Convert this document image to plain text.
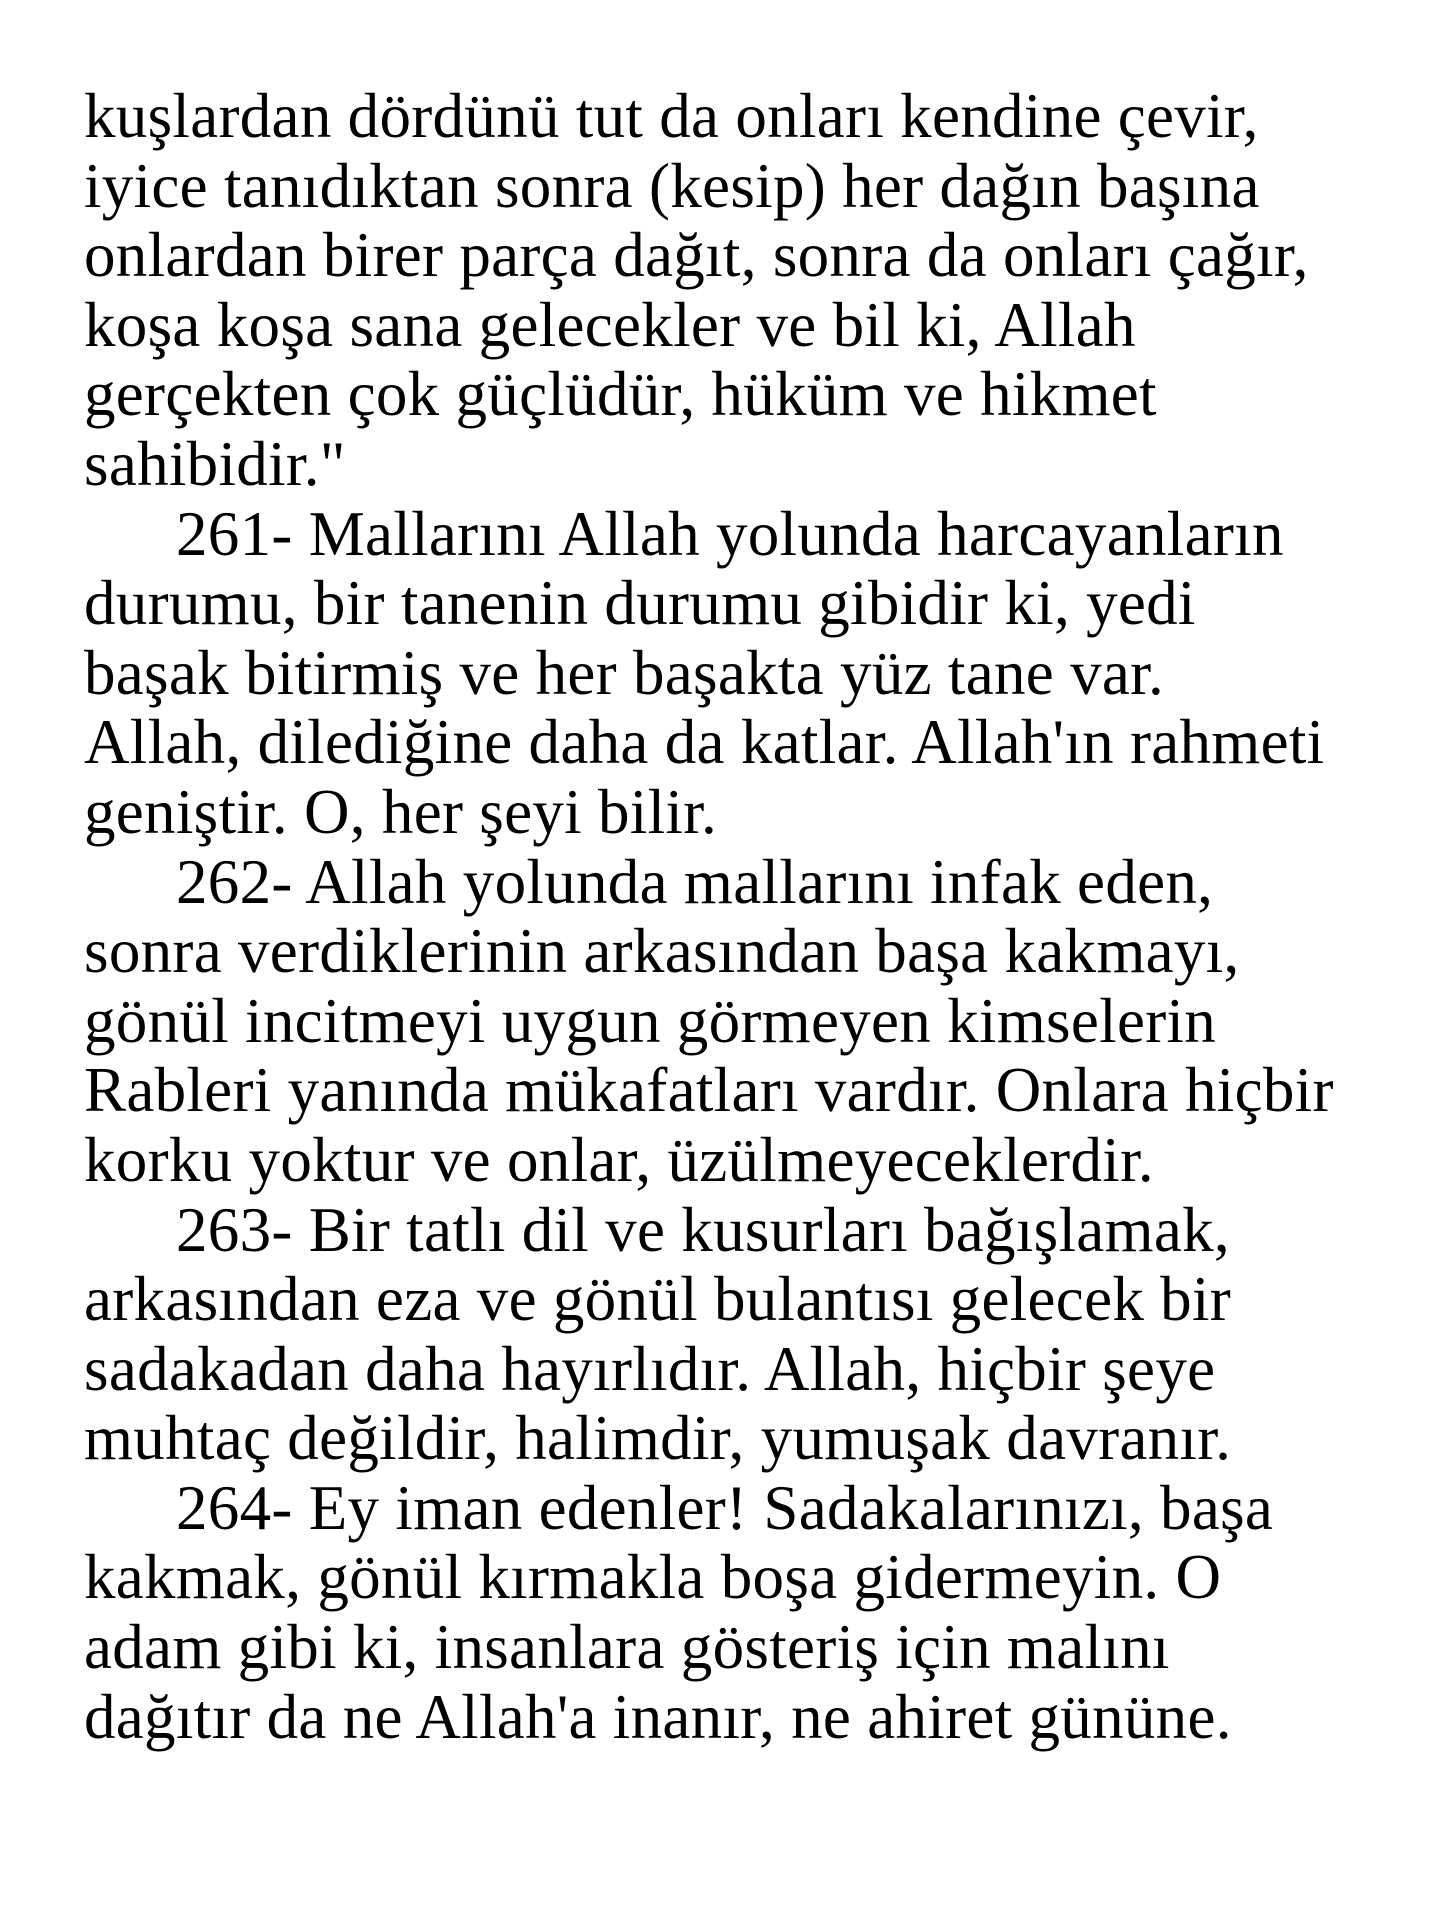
kuşlardan dördünü tut da onları kendine çevir,
iyice tanıdıktan sonra (kesip) her dağın başına
onlardan birer parça dağıt, sonra da onları çağır,
koşa koşa sana gelecekler ve bil ki, Allah
gerçekten çok güçlüdür, hüküm ve hikmet
sahibidir."
261- Mallarını Allah yolunda harcayanların
durumu, bir tanenin durumu gibidir ki, yedi
başak bitirmiş ve her başakta yüz tane var.
Allah, dilediğine daha da katlar. Allah'ın rahmeti
geniştir. O, her şeyi bilir.
262- Allah yolunda mallarını infak eden,
sonra verdiklerinin arkasından başa kakmayı,
gönül incitmeyi uygun görmeyen kimselerin
Rableri yanında mükafatları vardır. Onlara hiçbir
korku yoktur ve onlar, üzülmeyeceklerdir.
263- Bir tatlı dil ve kusurları bağışlamak,
arkasından eza ve gönül bulantısı gelecek bir
sadakadan daha hayırlıdır. Allah, hiçbir şeye
muhtaç değildir, halimdir, yumuşak davranır.
264- Ey iman edenler! Sadakalarınızı, başa
kakmak, gönül kırmakla boşa gidermeyin. O
adam gibi ki, insanlara gösteriş için malını
dağıtır da ne Allah'a inanır, ne ahiret gününe.
